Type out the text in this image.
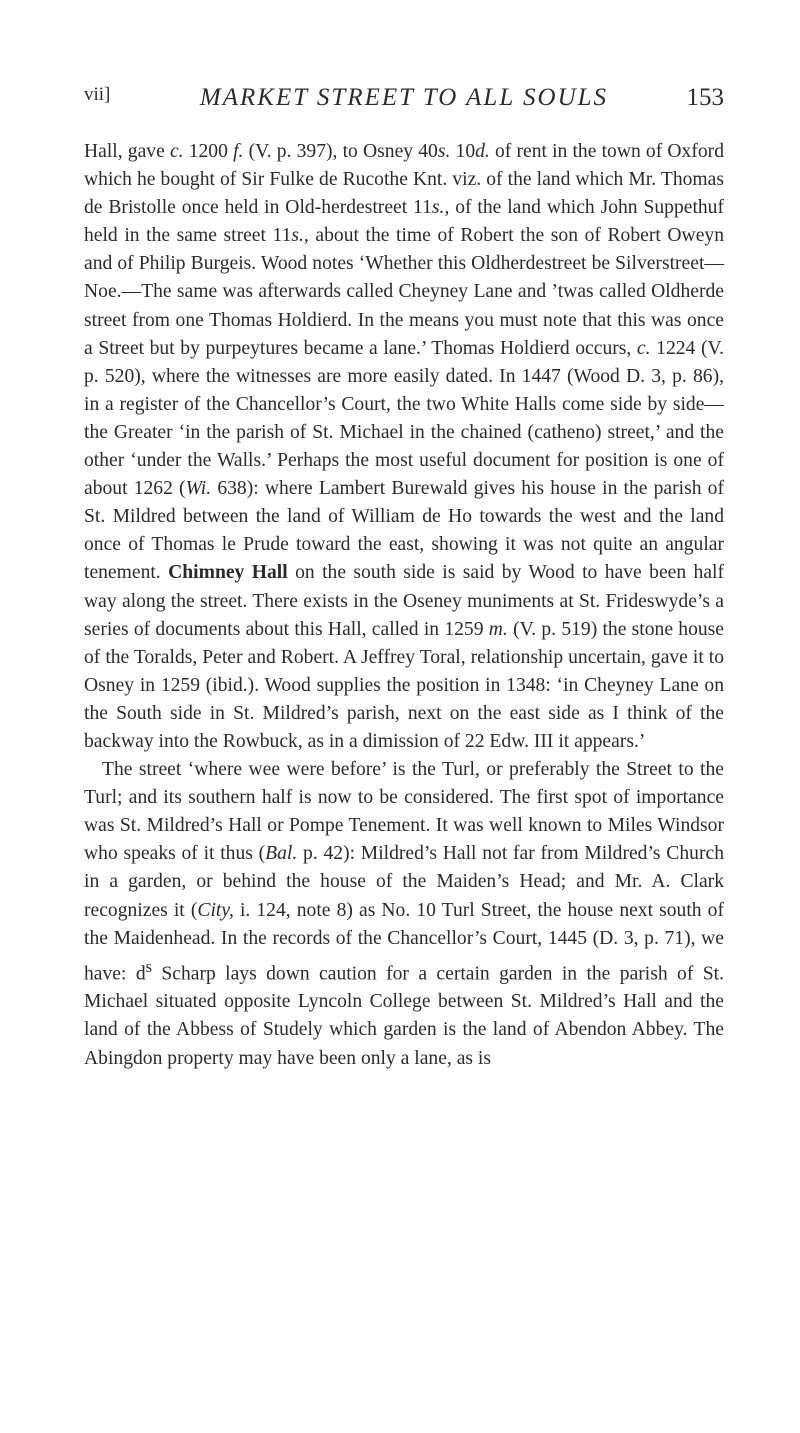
vii]	MARKET STREET TO ALL SOULS	153

Hall, gave c. 1200 f. (V. p. 397), to Osney 40s. 10d. of rent in the town of Oxford which he bought of Sir Fulke de Rucothe Knt. viz. of the land which Mr. Thomas de Bristolle once held in Old-herdestreet 11s., of the land which John Suppethuf held in the same street 11s., about the time of Robert the son of Robert Oweyn and of Philip Burgeis. Wood notes ‘Whether this Oldherdestreet be Silverstreet—Noe.—The same was afterwards called Cheyney Lane and ’twas called Oldherde street from one Thomas Holdierd. In the means you must note that this was once a Street but by purpeytures became a lane.’ Thomas Holdierd occurs, c. 1224 (V. p. 520), where the witnesses are more easily dated. In 1447 (Wood D. 3, p. 86), in a register of the Chancellor’s Court, the two White Halls come side by side—the Greater ‘in the parish of St. Michael in the chained (catheno) street,’ and the other ‘under the Walls.’ Perhaps the most useful document for position is one of about 1262 (Wi. 638): where Lambert Burewald gives his house in the parish of St. Mildred between the land of William de Ho towards the west and the land once of Thomas le Prude toward the east, showing it was not quite an angular tenement. Chimney Hall on the south side is said by Wood to have been half way along the street. There exists in the Oseney muniments at St. Frideswyde’s a series of documents about this Hall, called in 1259 m. (V. p. 519) the stone house of the Toralds, Peter and Robert. A Jeffrey Toral, relationship uncertain, gave it to Osney in 1259 (ibid.). Wood supplies the position in 1348: ‘in Cheyney Lane on the South side in St. Mildred’s parish, next on the east side as I think of the backway into the Rowbuck, as in a dimission of 22 Edw. III it appears.’

The street ‘where wee were before’ is the Turl, or preferably the Street to the Turl; and its southern half is now to be considered. The first spot of importance was St. Mildred’s Hall or Pompe Tenement. It was well known to Miles Windsor who speaks of it thus (Bal. p. 42): Mildred’s Hall not far from Mildred’s Church in a garden, or behind the house of the Maiden’s Head; and Mr. A. Clark recognizes it (City, i. 124, note 8) as No. 10 Turl Street, the house next south of the Maidenhead. In the records of the Chancellor’s Court, 1445 (D. 3, p. 71), we have: $d^s$ Scharp lays down caution for a certain garden in the parish of St. Michael situated opposite Lyncoln College between St. Mildred’s Hall and the land of the Abbess of Studely which garden is the land of Abendon Abbey. The Abingdon property may have been only a lane, as is
